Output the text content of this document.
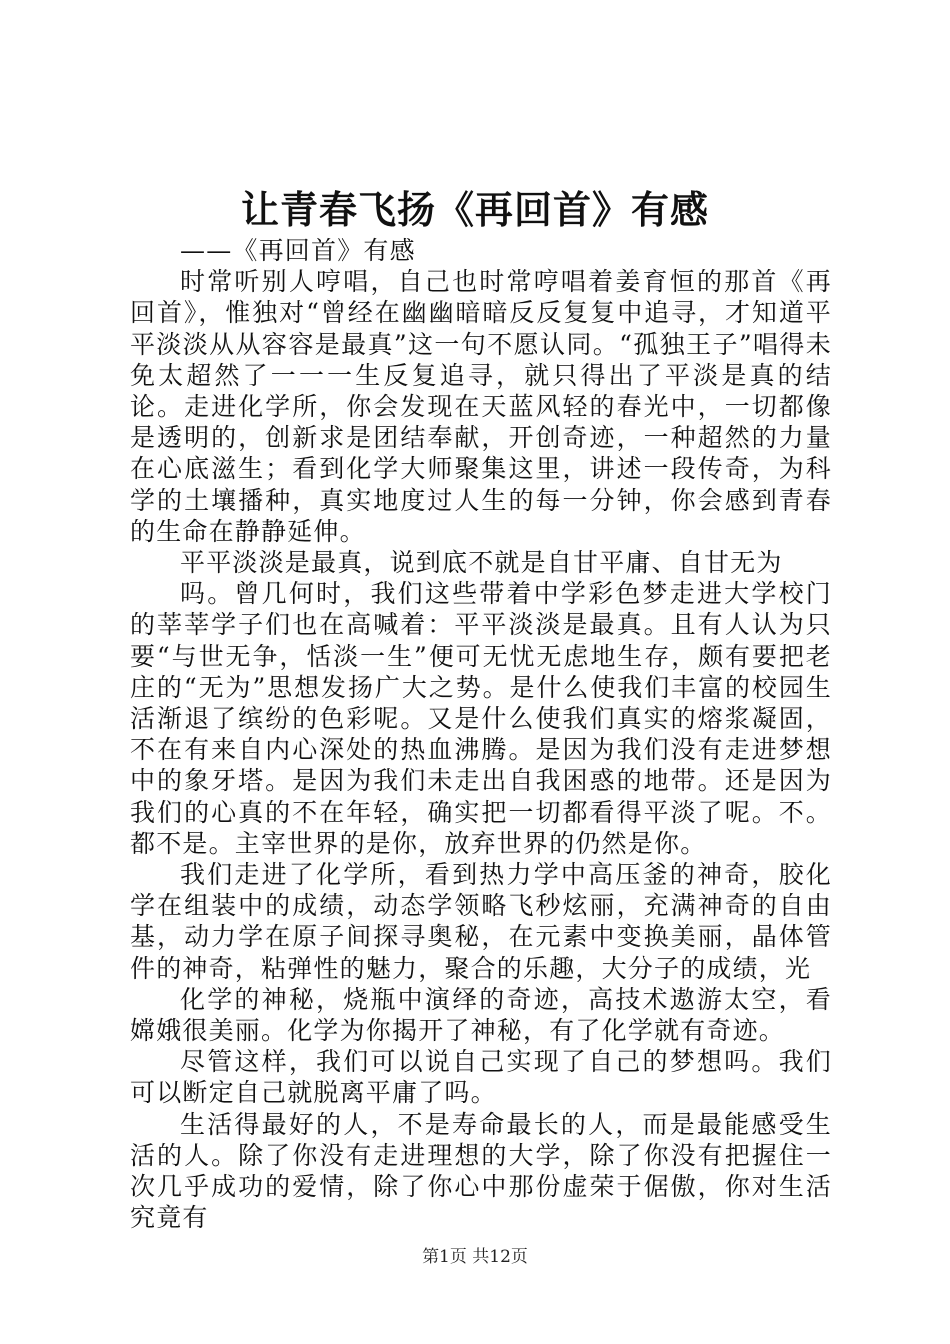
让青春飞扬《再回首》有感

——《再回首》有感

时常听别人哼唱，自己也时常哼唱着姜育恒的那首《再回首》，惟独对“曾经在幽幽暗暗反反复复中追寻，才知道平平淡淡从从容容是最真”这一句不愿认同。“孤独王子”唱得未免太超然了一一一生反复追寻，就只得出了平淡是真的结论。走进化学所，你会发现在天蓝风轻的春光中，一切都像是透明的，创新求是团结奉献，开创奇迹，一种超然的力量在心底滋生；看到化学大师聚集这里，讲述一段传奇，为科学的土壤播种，真实地度过人生的每一分钟，你会感到青春的生命在静静延伸。

平平淡淡是最真，说到底不就是自甘平庸、自甘无为

吗。曾几何时，我们这些带着中学彩色梦走进大学校门的莘莘学子们也在高喊着：平平淡淡是最真。且有人认为只要“与世无争，恬淡一生”便可无忧无虑地生存，颇有要把老庄的“无为”思想发扬广大之势。是什么使我们丰富的校园生活渐退了缤纷的色彩呢。又是什么使我们真实的熔浆凝固，不在有来自内心深处的热血沸腾。是因为我们没有走进梦想中的象牙塔。是因为我们未走出自我困惑的地带。还是因为我们的心真的不在年轻，确实把一切都看得平淡了呢。不。都不是。主宰世界的是你，放弃世界的仍然是你。

我们走进了化学所，看到热力学中高压釜的神奇，胶化学在组装中的成绩，动态学领略飞秒炫丽，充满神奇的自由基，动力学在原子间探寻奥秘，在元素中变换美丽，晶体管件的神奇，粘弹性的魅力，聚合的乐趣，大分子的成绩，光

化学的神秘，烧瓶中演绎的奇迹，高技术遨游太空，看嫦娥很美丽。化学为你揭开了神秘，有了化学就有奇迹。

尽管这样，我们可以说自己实现了自己的梦想吗。我们可以断定自己就脱离平庸了吗。

生活得最好的人，不是寿命最长的人，而是最能感受生活的人。除了你没有走进理想的大学，除了你没有把握住一次几乎成功的爱情，除了你心中那份虚荣于倨傲，你对生活究竟有

第1页 共12页
